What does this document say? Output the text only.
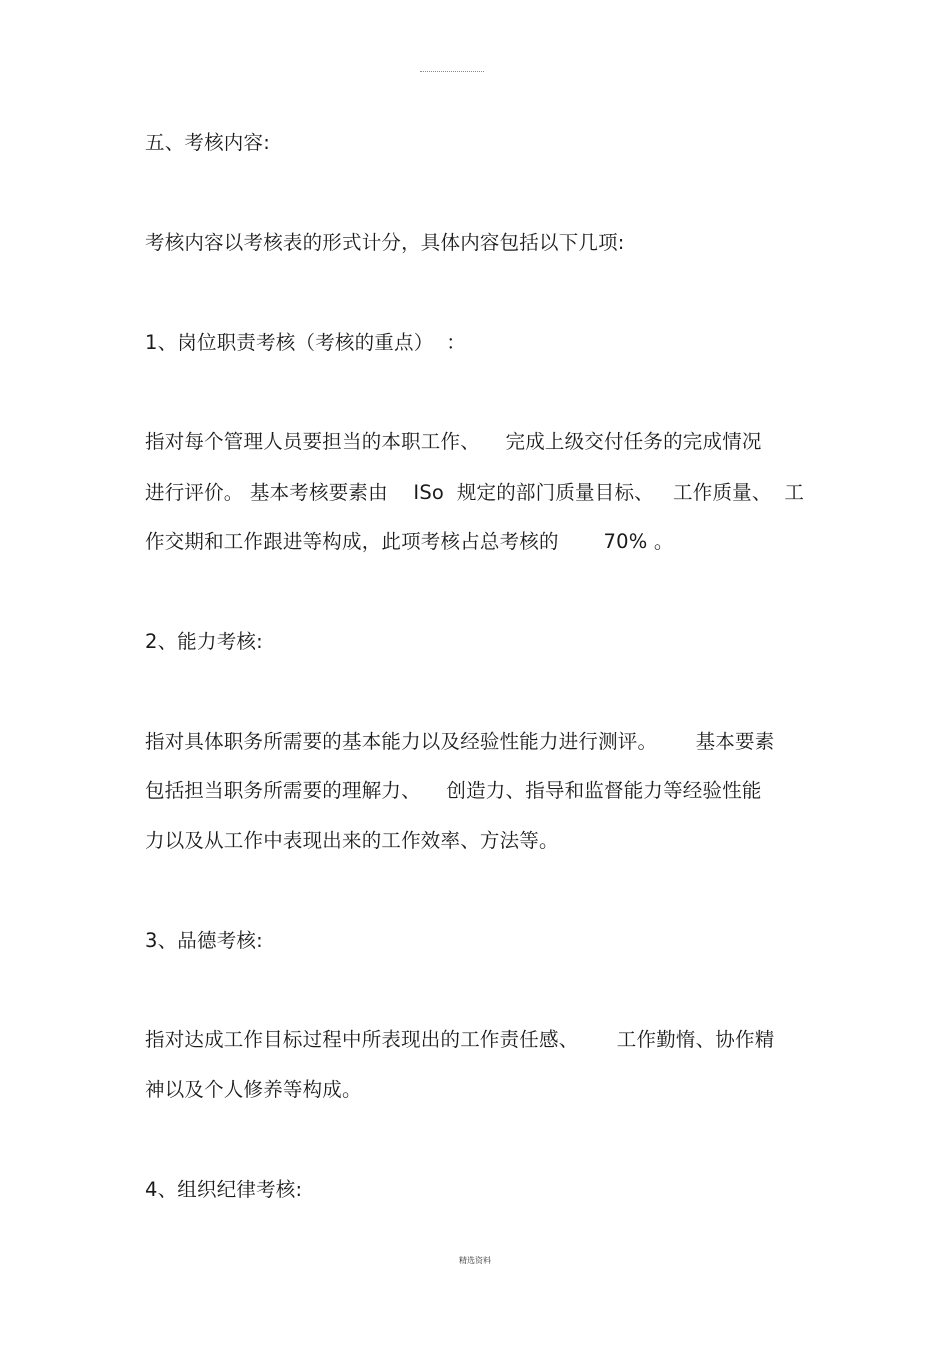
五、考核内容:
考核内容以考核表的形式计分，具体内容包括以下几项:
1、岗位职责考核（考核的重点）  ：
指对每个管理人员要担当的本职工作、    完成上级交付任务的完成情况
进行评价。 基本考核要素由    ISo  规定的部门质量目标、   工作质量、  工
作交期和工作跟进等构成，此项考核占总考核的       70% 。
2、能力考核:
指对具体职务所需要的基本能力以及经验性能力进行测评。      基本要素
包括担当职务所需要的理解力、    创造力、指导和监督能力等经验性能
力以及从工作中表现出来的工作效率、方法等。
3、品德考核:
指对达成工作目标过程中所表现出的工作责任感、      工作勤惰、协作精
神以及个人修养等构成。
4、组织纪律考核:
精选资料
